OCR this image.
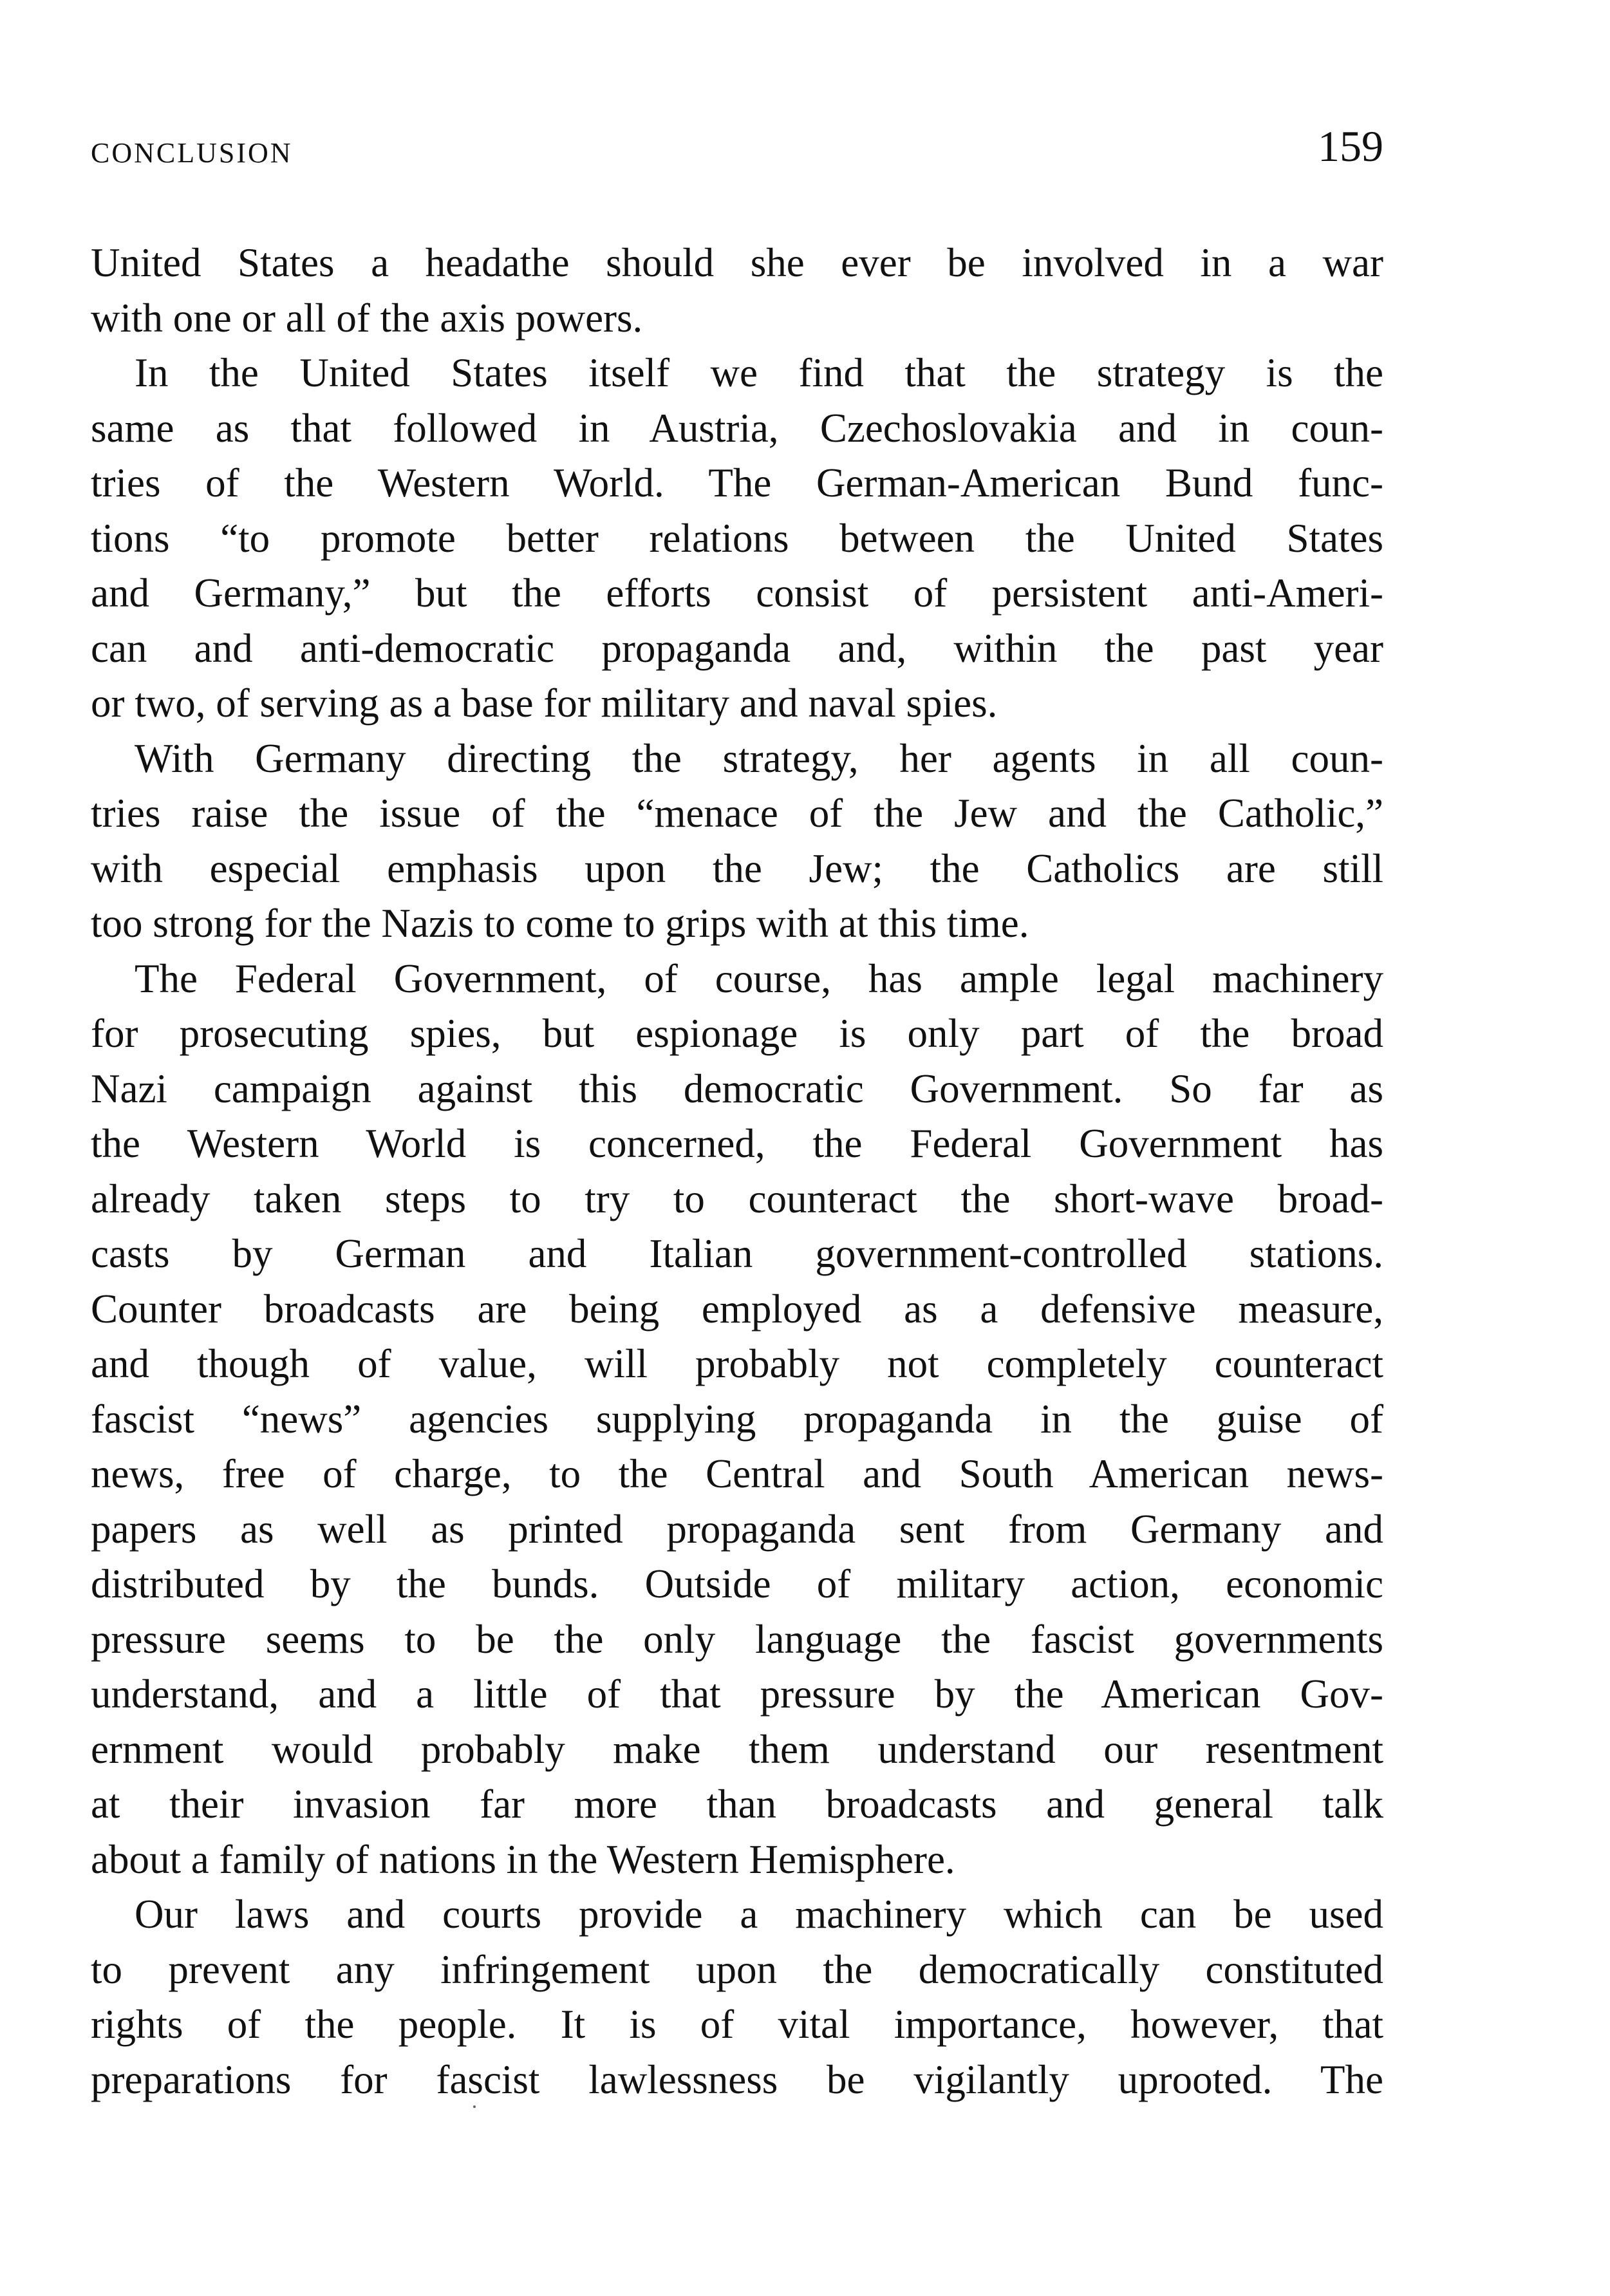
CONCLUSION	159
United States a headathe should she ever be involved in a war
with one or all of the axis powers.
In the United States itself we find that the strategy is the
same as that followed in Austria, Czechoslovakia and in coun-
tries of the Western World. The German-American Bund func-
tions “to promote better relations between the United States
and Germany,” but the efforts consist of persistent anti-Ameri-
can and anti-democratic propaganda and, within the past year
or two, of serving as a base for military and naval spies.
With Germany directing the strategy, her agents in all coun-
tries raise the issue of the “menace of the Jew and the Catholic,”
with especial emphasis upon the Jew; the Catholics are still
too strong for the Nazis to come to grips with at this time.
The Federal Government, of course, has ample legal machinery
for prosecuting spies, but espionage is only part of the broad
Nazi campaign against this democratic Government. So far as
the Western World is concerned, the Federal Government has
already taken steps to try to counteract the short-wave broad-
casts by German and Italian government-controlled stations.
Counter broadcasts are being employed as a defensive measure,
and though of value, will probably not completely counteract
fascist “news” agencies supplying propaganda in the guise of
news, free of charge, to the Central and South American news-
papers as well as printed propaganda sent from Germany and
distributed by the bunds. Outside of military action, economic
pressure seems to be the only language the fascist governments
understand, and a little of that pressure by the American Gov-
ernment would probably make them understand our resentment
at their invasion far more than broadcasts and general talk
about a family of nations in the Western Hemisphere.
Our laws and courts provide a machinery which can be used
to prevent any infringement upon the democratically constituted
rights of the people. It is of vital importance, however, that
preparations for fascist lawlessness be vigilantly uprooted. The
